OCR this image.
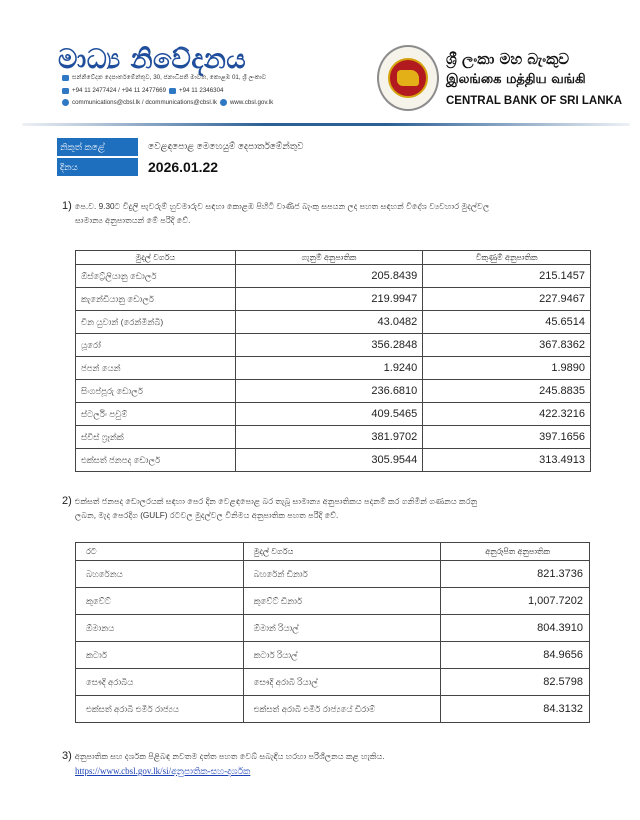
මාධ්‍ය නිවේදනය
සන්නිවේදන දෙපාර්තමේන්තුව, 30, ජනාධිපති මාවත, කොළඹ 01, ශ්‍රී ලංකාව
+94 11 2477424 / +94 11 2477669 +94 11 2346304
communications@cbsl.lk / dcommunications@cbsl.lk www.cbsl.gov.lk
ශ්‍රී ලංකා මහ බැංකුව
இலங்கை மத்திய வங்கி
CENTRAL BANK OF SRI LANKA
නිකුත් කළේ	වෙළඳපොළ මෙහෙයුම් දෙපාර්තමේන්තුව
දිනය	2026.01.22
1) පෙ.ව. 9.30ට විදුලි පැවරුම් හුවමාරුව සඳහා කොළඹ පිහිටි වාණිජ බැංකු සපයන ලද පහත සඳහන් විදේශ ව්‍යවහාර මුදල්වල
සාමාන්‍ය අනුපාතයන් මේ පරිදි වේ.
මුදල් වර්ගය	ගැනුම් අනුපාතික	විකුණුම් අනුපාතික
ඕස්ට්‍රේලියානු ඩොලර්	205.8439	215.1457
කැනේඩියානු ඩොලර්	219.9947	227.9467
චීන යුවාන් (රෙන්මින්බි)	43.0482	45.6514
යූරෝ	356.2848	367.8362
ජපන් යෙන්	1.9240	1.9890
සිංගප්පූරු ඩොලර්	236.6810	245.8835
ස්ටර්ලිං පවුම්	409.5465	422.3216
ස්විස් ෆ්‍රෑන්ක්	381.9702	397.1656
එක්සත් ජනපද ඩොලර්	305.9544	313.4913
2) එක්සත් ජනපද ඩොලරයක් සඳහා පෙර දින වෙළඳපොළ බර තැබූ සාමාන්‍ය අනුපාතිකය පදනම් කර ගනිමින් ගණනය කරනු
ලබන, මැද පෙරදිග (GULF) රටවල මුදල්වල විනිමය අනුපාතික පහත පරිදි වේ.
රට	මුදල් වර්ගය	අනුරූපිත අනුපාතික
බහරේනය	බහරේන් ඩිනාර්	821.3736
කුවේට්	කුවේට් ඩිනාර්	1,007.7202
ඕමානය	ඕමාන් රියාල්	804.3910
කටාර්	කටාර් රියාල්	84.9656
සෞදි අරාබිය	සෞදි අරාබි රියාල්	82.5798
එක්සත් අරාබි එමීර් රාජ්‍යය	එක්සත් අරාබි එමීර් රාජ්‍යයේ ඩිරාම්	84.3132
3) අනුපාතික සහ දර්ශක පිළිබඳ නවතම දත්ත පහත වෙබ් සබැඳිය හරහා පරිශීලනය කළ හැකිය.
https://www.cbsl.gov.lk/si/අනුපාතික-සහ-දර්ශක
